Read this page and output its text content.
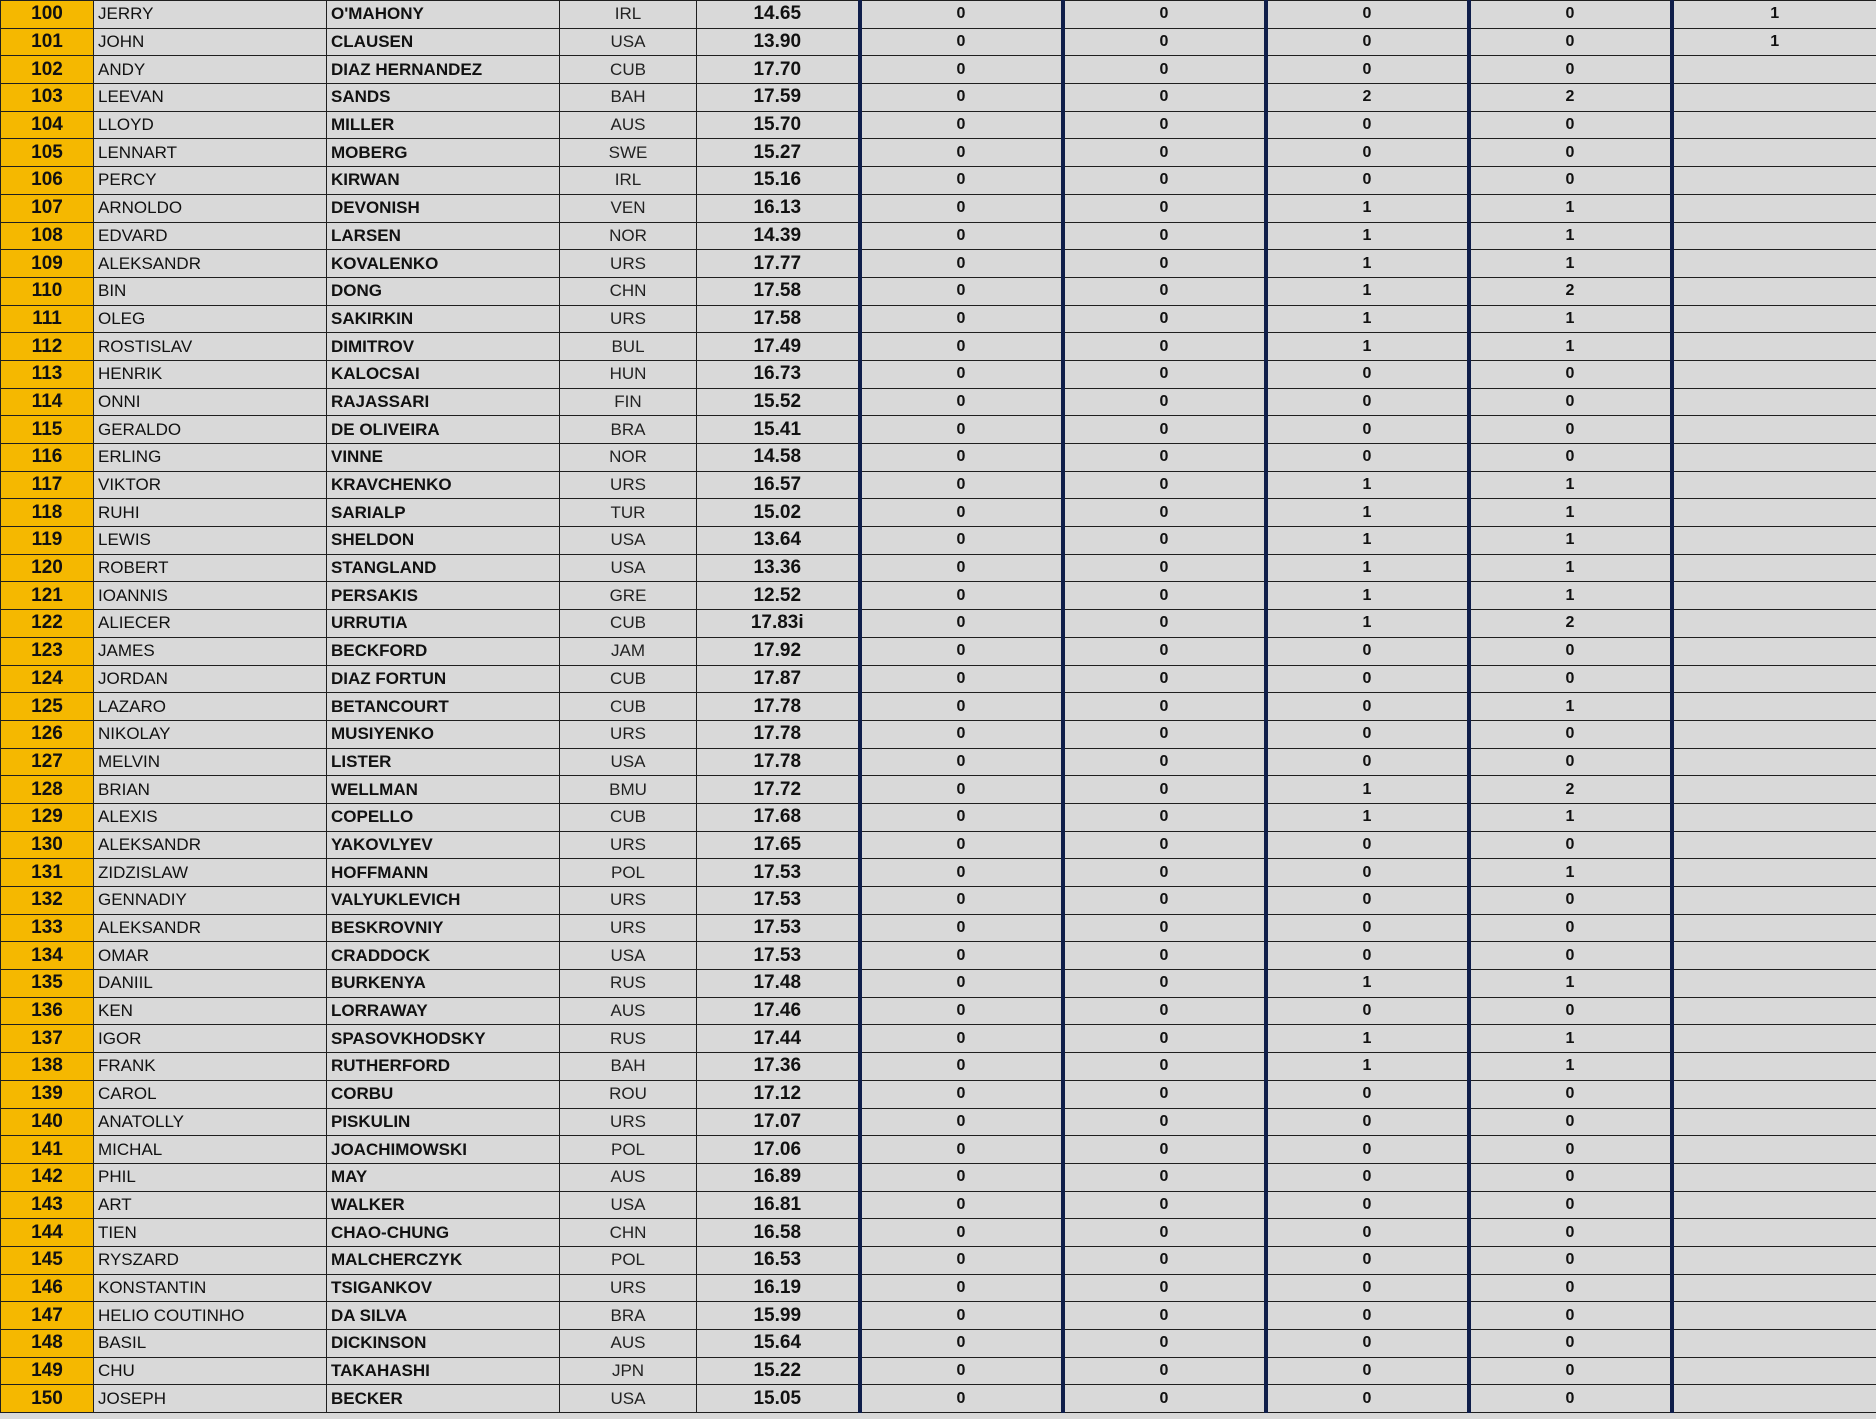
100	JERRY	O'MAHONY	IRL	14.65	0	0	0	0	1
101	JOHN	CLAUSEN	USA	13.90	0	0	0	0	1
102	ANDY	DIAZ HERNANDEZ	CUB	17.70	0	0	0	0	
103	LEEVAN	SANDS	BAH	17.59	0	0	2	2	
104	LLOYD	MILLER	AUS	15.70	0	0	0	0	
105	LENNART	MOBERG	SWE	15.27	0	0	0	0	
106	PERCY	KIRWAN	IRL	15.16	0	0	0	0	
107	ARNOLDO	DEVONISH	VEN	16.13	0	0	1	1	
108	EDVARD	LARSEN	NOR	14.39	0	0	1	1	
109	ALEKSANDR	KOVALENKO	URS	17.77	0	0	1	1	
110	BIN	DONG	CHN	17.58	0	0	1	2	
111	OLEG	SAKIRKIN	URS	17.58	0	0	1	1	
112	ROSTISLAV	DIMITROV	BUL	17.49	0	0	1	1	
113	HENRIK	KALOCSAI	HUN	16.73	0	0	0	0	
114	ONNI	RAJASSARI	FIN	15.52	0	0	0	0	
115	GERALDO	DE OLIVEIRA	BRA	15.41	0	0	0	0	
116	ERLING	VINNE	NOR	14.58	0	0	0	0	
117	VIKTOR	KRAVCHENKO	URS	16.57	0	0	1	1	
118	RUHI	SARIALP	TUR	15.02	0	0	1	1	
119	LEWIS	SHELDON	USA	13.64	0	0	1	1	
120	ROBERT	STANGLAND	USA	13.36	0	0	1	1	
121	IOANNIS	PERSAKIS	GRE	12.52	0	0	1	1	
122	ALIECER	URRUTIA	CUB	17.83i	0	0	1	2	
123	JAMES	BECKFORD	JAM	17.92	0	0	0	0	
124	JORDAN	DIAZ FORTUN	CUB	17.87	0	0	0	0	
125	LAZARO	BETANCOURT	CUB	17.78	0	0	0	1	
126	NIKOLAY	MUSIYENKO	URS	17.78	0	0	0	0	
127	MELVIN	LISTER	USA	17.78	0	0	0	0	
128	BRIAN	WELLMAN	BMU	17.72	0	0	1	2	
129	ALEXIS	COPELLO	CUB	17.68	0	0	1	1	
130	ALEKSANDR	YAKOVLYEV	URS	17.65	0	0	0	0	
131	ZIDZISLAW	HOFFMANN	POL	17.53	0	0	0	1	
132	GENNADIY	VALYUKLEVICH	URS	17.53	0	0	0	0	
133	ALEKSANDR	BESKROVNIY	URS	17.53	0	0	0	0	
134	OMAR	CRADDOCK	USA	17.53	0	0	0	0	
135	DANIIL	BURKENYA	RUS	17.48	0	0	1	1	
136	KEN	LORRAWAY	AUS	17.46	0	0	0	0	
137	IGOR	SPASOVKHODSKY	RUS	17.44	0	0	1	1	
138	FRANK	RUTHERFORD	BAH	17.36	0	0	1	1	
139	CAROL	CORBU	ROU	17.12	0	0	0	0	
140	ANATOLLY	PISKULIN	URS	17.07	0	0	0	0	
141	MICHAL	JOACHIMOWSKI	POL	17.06	0	0	0	0	
142	PHIL	MAY	AUS	16.89	0	0	0	0	
143	ART	WALKER	USA	16.81	0	0	0	0	
144	TIEN	CHAO-CHUNG	CHN	16.58	0	0	0	0	
145	RYSZARD	MALCHERCZYK	POL	16.53	0	0	0	0	
146	KONSTANTIN	TSIGANKOV	URS	16.19	0	0	0	0	
147	HELIO COUTINHO	DA SILVA	BRA	15.99	0	0	0	0	
148	BASIL	DICKINSON	AUS	15.64	0	0	0	0	
149	CHU	TAKAHASHI	JPN	15.22	0	0	0	0	
150	JOSEPH	BECKER	USA	15.05	0	0	0	0	
